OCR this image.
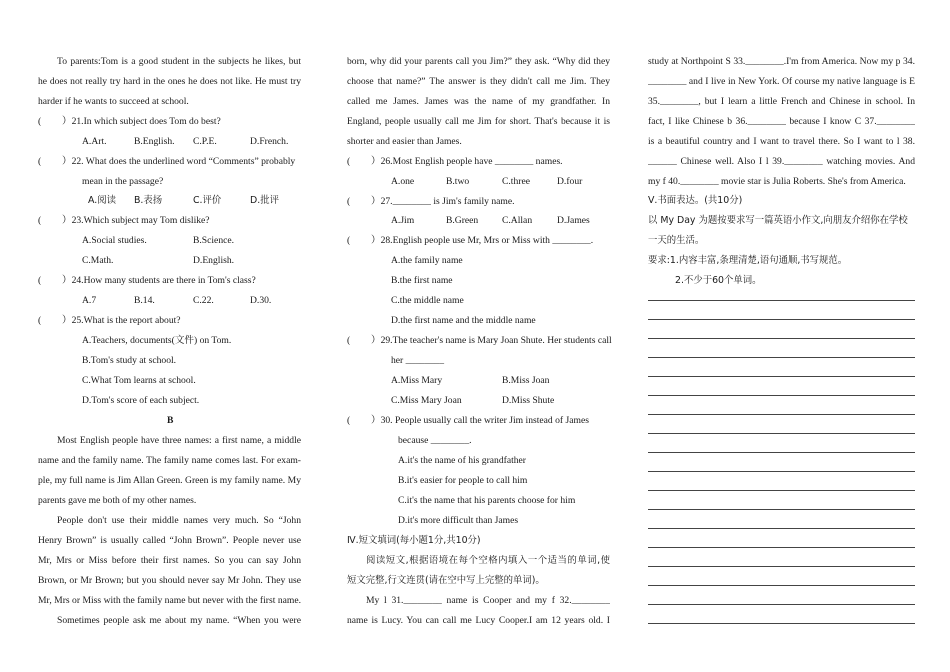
To parents:Tom is a good student in the subjects he likes, but
he does not really try hard in the ones he does not like. He must try
harder if he wants to succeed at school.
( ）21.In which subject does Tom do best?
A.Art.	B.English. C.P.E.	D.French.
( ）22. What does the underlined word “Comments” probably
mean in the passage?
A.阅读 B.表扬	C.评价	D.批评
( ）23.Which subject may Tom dislike?
A.Social studies.	B.Science.
C.Math.	D.English.
( ）24.How many students are there in Tom's class?
A.7	B.14.	C.22.	D.30.
( ）25.What is the report about?
A.Teachers, documents(文件) on Tom.
B.Tom's study at school.
C.What Tom learns at school.
D.Tom's score of each subject.
B
Most English people have three names: a first name, a middle
name and the family name. The family name comes last. For exam-
ple, my full name is Jim Allan Green. Green is my family name. My
parents gave me both of my other names.
People don't use their middle names very much. So “John
Henry Brown” is usually called “John Brown”. People never use
Mr, Mrs or Miss before their first names. So you can say John
Brown, or Mr Brown; but you should never say Mr John. They use
Mr, Mrs or Miss with the family name but never with the first name.
Sometimes people ask me about my name. “When you were
born, why did your parents call you Jim?” they ask. “Why did they
choose that name?” The answer is they didn't call me Jim. They
called me James. James was the name of my grandfather. In
England, people usually call me Jim for short. That's because it is
shorter and easier than James.
( ）26.Most English people have ________ names.
A.one	B.two	C.three	D.four
( ）27.________ is Jim's family name.
A.Jim	B.Green C.Allan	D.James
( ）28.English people use Mr, Mrs or Miss with ________.
A.the family name
B.the first name
C.the middle name
D.the first name and the middle name
( ）29.The teacher's name is Mary Joan Shute. Her students call
her ________
A.Miss Mary	B.Miss Joan
C.Miss Mary Joan	D.Miss Shute
( ）30. People usually call the writer Jim instead of James
because ________.
A.it's the name of his grandfather
B.it's easier for people to call him
C.it's the name that his parents choose for him
D.it's more difficult than James
Ⅳ.短文填词(每小题1分,共10分)
阅读短文,根据语境在每个空格内填入一个适当的单词,使
短文完整,行文连贯(请在空中写上完整的单词)。
My l 31.________ name is Cooper and my f 32.________
name is Lucy. You can call me Lucy Cooper.I am 12 years old. I
study at Northpoint S 33.________.I'm from America. Now my p 34.
________ and I live in New York. Of course my native language is E
35.________, but I learn a little French and Chinese in school. In
fact, I like Chinese b 36.________ because I know C 37.________
is a beautiful country and I want to travel there. So I want to l 38.
______ Chinese well. Also I l 39.________ watching movies. And
my f 40.________ movie star is Julia Roberts. She's from America.
Ⅴ.书面表达。(共10分)
以 My Day 为题按要求写一篇英语小作文,向朋友介绍你在学校
一天的生活。
要求:1.内容丰富,条理清楚,语句通顺,书写规范。
2.不少于60个单词。
